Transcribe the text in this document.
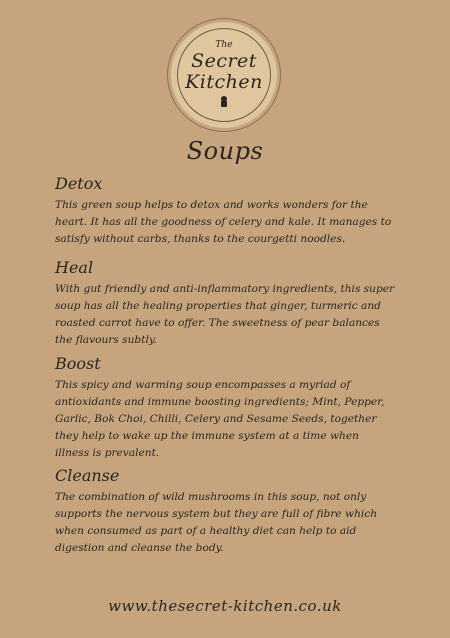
The
Secret
Kitchen
Soups
Detox

This green soup helps to detox and works wonders for the heart. It has all the goodness of celery and kale. It manages to satisfy without carbs, thanks to the courgetti noodles.

Heal

With gut friendly and anti-inflammatory ingredients, this super soup has all the healing properties that ginger, turmeric and roasted carrot have to offer. The sweetness of pear balances the flavours subtly.

Boost

This spicy and warming soup encompasses a myriad of antioxidants and immune boosting ingredients; Mint, Pepper, Garlic, Bok Choi, Chilli, Celery and Sesame Seeds, together they help to wake up the immune system at a time when illness is prevalent.

Cleanse

The combination of wild mushrooms in this soup, not only supports the nervous system but they are full of fibre which when consumed as part of a healthy diet can help to aid digestion and cleanse the body.

www.thesecret-kitchen.co.uk
